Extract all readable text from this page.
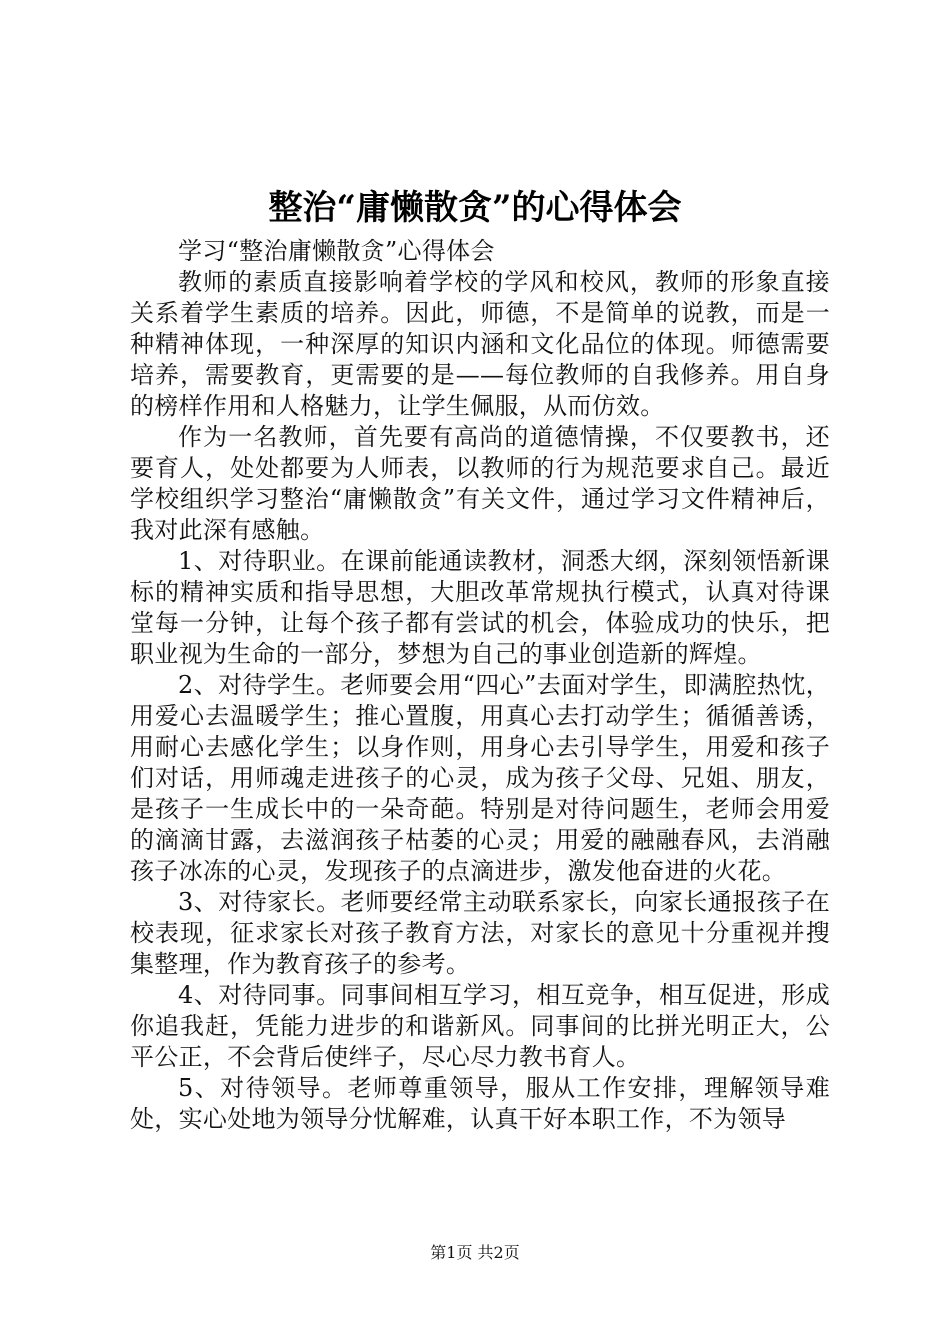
整治“庸懒散贪”的心得体会

学习“整治庸懒散贪”心得体会

教师的素质直接影响着学校的学风和校风，教师的形象直接关系着学生素质的培养。因此，师德，不是简单的说教，而是一种精神体现，一种深厚的知识内涵和文化品位的体现。师德需要培养，需要教育，更需要的是——每位教师的自我修养。用自身的榜样作用和人格魅力，让学生佩服，从而仿效。

作为一名教师，首先要有高尚的道德情操，不仅要教书，还要育人，处处都要为人师表，以教师的行为规范要求自己。最近学校组织学习整治“庸懒散贪”有关文件，通过学习文件精神后，我对此深有感触。

1、对待职业。在课前能通读教材，洞悉大纲，深刻领悟新课标的精神实质和指导思想，大胆改革常规执行模式，认真对待课堂每一分钟，让每个孩子都有尝试的机会，体验成功的快乐，把职业视为生命的一部分，梦想为自己的事业创造新的辉煌。

2、对待学生。老师要会用“四心”去面对学生，即满腔热忱，用爱心去温暖学生；推心置腹，用真心去打动学生；循循善诱，用耐心去感化学生；以身作则，用身心去引导学生，用爱和孩子们对话，用师魂走进孩子的心灵，成为孩子父母、兄姐、朋友，是孩子一生成长中的一朵奇葩。特别是对待问题生，老师会用爱的滴滴甘露，去滋润孩子枯萎的心灵；用爱的融融春风，去消融孩子冰冻的心灵，发现孩子的点滴进步，激发他奋进的火花。

3、对待家长。老师要经常主动联系家长，向家长通报孩子在校表现，征求家长对孩子教育方法，对家长的意见十分重视并搜集整理，作为教育孩子的参考。

4、对待同事。同事间相互学习，相互竞争，相互促进，形成你追我赶，凭能力进步的和谐新风。同事间的比拼光明正大，公平公正，不会背后使绊子，尽心尽力教书育人。

5、对待领导。老师尊重领导，服从工作安排，理解领导难处，实心处地为领导分忧解难，认真干好本职工作，不为领导

第1页 共2页
